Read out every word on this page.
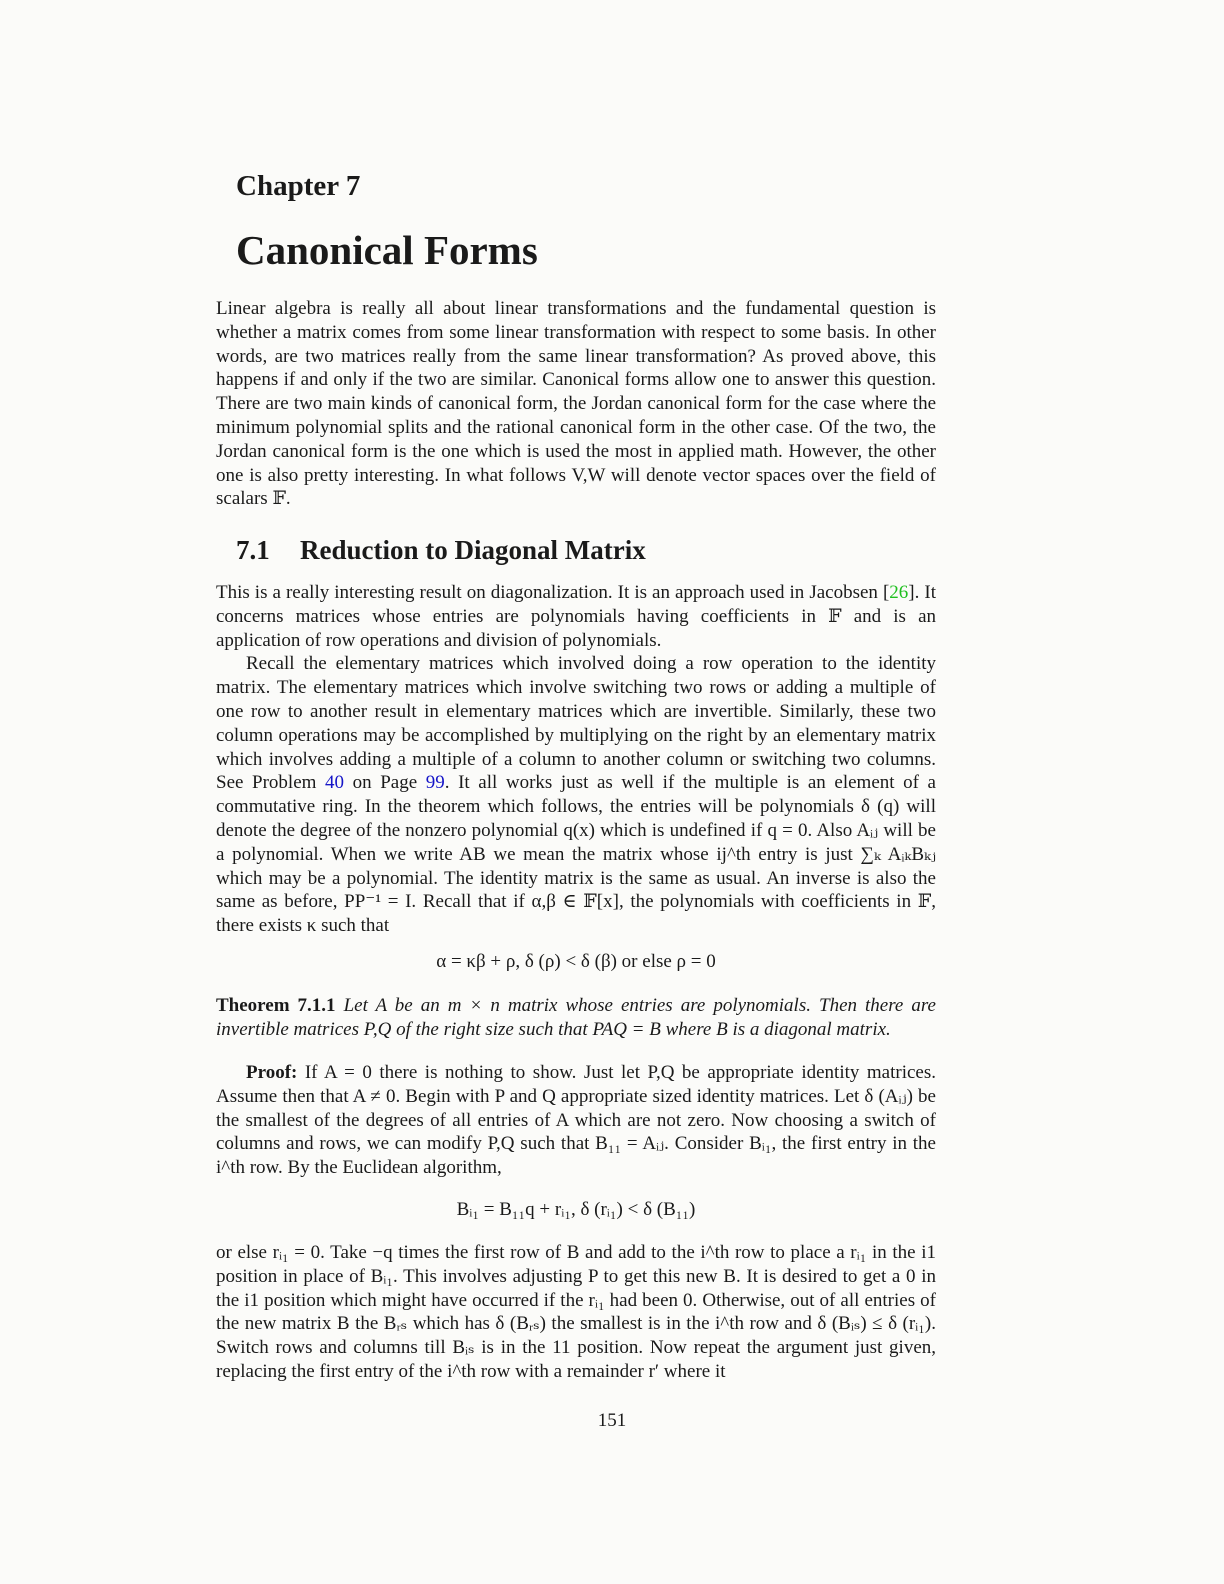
Chapter 7
Canonical Forms

Linear algebra is really all about linear transformations and the fundamental question is whether a matrix comes from some linear transformation with respect to some basis. In other words, are two matrices really from the same linear transformation? As proved above, this happens if and only if the two are similar. Canonical forms allow one to answer this question. There are two main kinds of canonical form, the Jordan canonical form for the case where the minimum polynomial splits and the rational canonical form in the other case. Of the two, the Jordan canonical form is the one which is used the most in applied math. However, the other one is also pretty interesting. In what follows V,W will denote vector spaces over the field of scalars 𝔽.

7.1 Reduction to Diagonal Matrix

This is a really interesting result on diagonalization. It is an approach used in Jacobsen [26]. It concerns matrices whose entries are polynomials having coefficients in 𝔽 and is an application of row operations and division of polynomials.

Recall the elementary matrices which involved doing a row operation to the identity matrix. The elementary matrices which involve switching two rows or adding a multiple of one row to another result in elementary matrices which are invertible. Similarly, these two column operations may be accomplished by multiplying on the right by an elementary matrix which involves adding a multiple of a column to another column or switching two columns. See Problem 40 on Page 99. It all works just as well if the multiple is an element of a commutative ring. In the theorem which follows, the entries will be polynomials δ (q) will denote the degree of the nonzero polynomial q(x) which is undefined if q = 0. Also Aᵢⱼ will be a polynomial. When we write AB we mean the matrix whose ij^th entry is just ∑ₖ AᵢₖBₖⱼ which may be a polynomial. The identity matrix is the same as usual. An inverse is also the same as before, PP⁻¹ = I. Recall that if α,β ∈ 𝔽[x], the polynomials with coefficients in 𝔽, there exists κ such that

α = κβ + ρ, δ (ρ) < δ (β) or else ρ = 0

Theorem 7.1.1 Let A be an m × n matrix whose entries are polynomials. Then there are invertible matrices P,Q of the right size such that PAQ = B where B is a diagonal matrix.

Proof: If A = 0 there is nothing to show. Just let P,Q be appropriate identity matrices. Assume then that A ≠ 0. Begin with P and Q appropriate sized identity matrices. Let δ (Aᵢⱼ) be the smallest of the degrees of all entries of A which are not zero. Now choosing a switch of columns and rows, we can modify P,Q such that B₁₁ = Aᵢⱼ. Consider Bᵢ₁, the first entry in the i^th row. By the Euclidean algorithm,

Bᵢ₁ = B₁₁q + rᵢ₁, δ (rᵢ₁) < δ (B₁₁)

or else rᵢ₁ = 0. Take −q times the first row of B and add to the i^th row to place a rᵢ₁ in the i1 position in place of Bᵢ₁. This involves adjusting P to get this new B. It is desired to get a 0 in the i1 position which might have occurred if the rᵢ₁ had been 0. Otherwise, out of all entries of the new matrix B the Bᵣₛ which has δ (Bᵣₛ) the smallest is in the i^th row and δ (Bᵢₛ) ≤ δ (rᵢ₁). Switch rows and columns till Bᵢₛ is in the 11 position. Now repeat the argument just given, replacing the first entry of the i^th row with a remainder r′ where it

151
